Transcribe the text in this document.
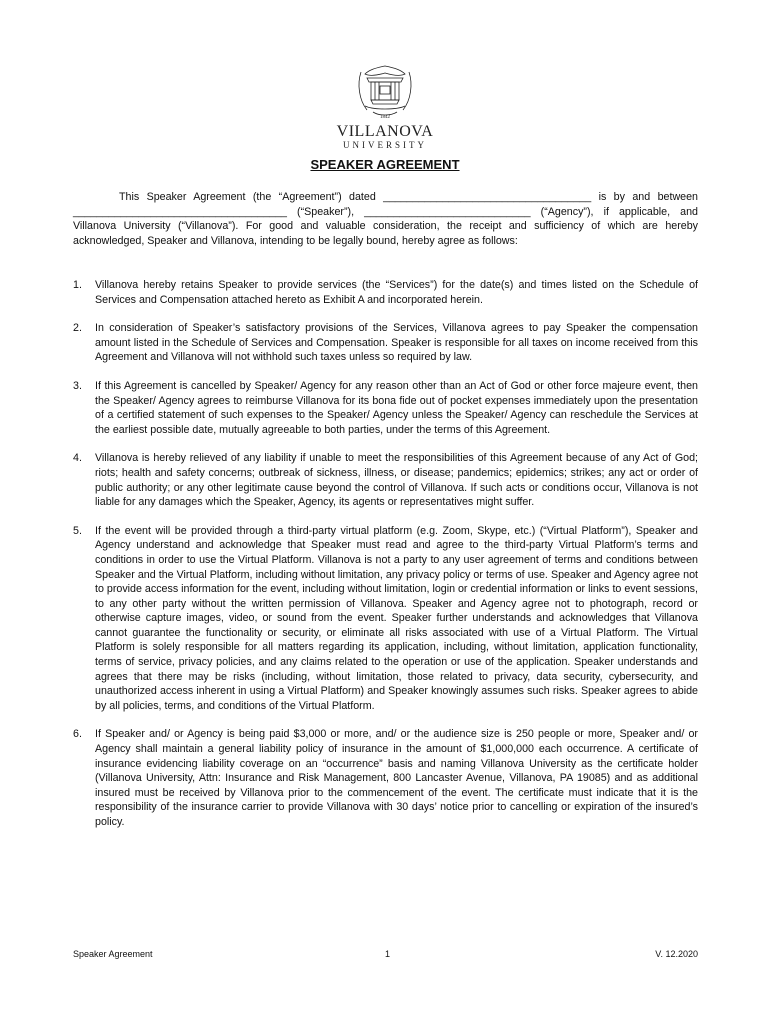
1842
VILLANOVA
UNIVERSITY
SPEAKER AGREEMENT
This Speaker Agreement (the “Agreement”) dated ___________________________________ is by and between ____________________________________ (“Speaker”), ____________________________ (“Agency”), if applicable, and Villanova University (“Villanova”). For good and valuable consideration, the receipt and sufficiency of which are hereby acknowledged, Speaker and Villanova, intending to be legally bound, hereby agree as follows:
1. Villanova hereby retains Speaker to provide services (the “Services”) for the date(s) and times listed on the Schedule of Services and Compensation attached hereto as Exhibit A and incorporated herein.
2. In consideration of Speaker’s satisfactory provisions of the Services, Villanova agrees to pay Speaker the compensation amount listed in the Schedule of Services and Compensation. Speaker is responsible for all taxes on income received from this Agreement and Villanova will not withhold such taxes unless so required by law.
3. If this Agreement is cancelled by Speaker/ Agency for any reason other than an Act of God or other force majeure event, then the Speaker/ Agency agrees to reimburse Villanova for its bona fide out of pocket expenses immediately upon the presentation of a certified statement of such expenses to the Speaker/ Agency unless the Speaker/ Agency can reschedule the Services at the earliest possible date, mutually agreeable to both parties, under the terms of this Agreement.
4. Villanova is hereby relieved of any liability if unable to meet the responsibilities of this Agreement because of any Act of God; riots; health and safety concerns; outbreak of sickness, illness, or disease; pandemics; epidemics; strikes; any act or order of public authority; or any other legitimate cause beyond the control of Villanova. If such acts or conditions occur, Villanova is not liable for any damages which the Speaker, Agency, its agents or representatives might suffer.
5. If the event will be provided through a third-party virtual platform (e.g. Zoom, Skype, etc.) (“Virtual Platform”), Speaker and Agency understand and acknowledge that Speaker must read and agree to the third-party Virtual Platform’s terms and conditions in order to use the Virtual Platform. Villanova is not a party to any user agreement of terms and conditions between Speaker and the Virtual Platform, including without limitation, any privacy policy or terms of use. Speaker and Agency agree not to provide access information for the event, including without limitation, login or credential information or links to event sessions, to any other party without the written permission of Villanova. Speaker and Agency agree not to photograph, record or otherwise capture images, video, or sound from the event. Speaker further understands and acknowledges that Villanova cannot guarantee the functionality or security, or eliminate all risks associated with use of a Virtual Platform. The Virtual Platform is solely responsible for all matters regarding its application, including, without limitation, application functionality, terms of service, privacy policies, and any claims related to the operation or use of the application. Speaker understands and agrees that there may be risks (including, without limitation, those related to privacy, data security, cybersecurity, and unauthorized access inherent in using a Virtual Platform) and Speaker knowingly assumes such risks. Speaker agrees to abide by all policies, terms, and conditions of the Virtual Platform.
6. If Speaker and/ or Agency is being paid $3,000 or more, and/ or the audience size is 250 people or more, Speaker and/ or Agency shall maintain a general liability policy of insurance in the amount of $1,000,000 each occurrence. A certificate of insurance evidencing liability coverage on an “occurrence” basis and naming Villanova University as the certificate holder (Villanova University, Attn: Insurance and Risk Management, 800 Lancaster Avenue, Villanova, PA 19085) and as additional insured must be received by Villanova prior to the commencement of the event. The certificate must indicate that it is the responsibility of the insurance carrier to provide Villanova with 30 days’ notice prior to cancelling or expiration of the insured’s policy.
Speaker Agreement	1	V. 12.2020
